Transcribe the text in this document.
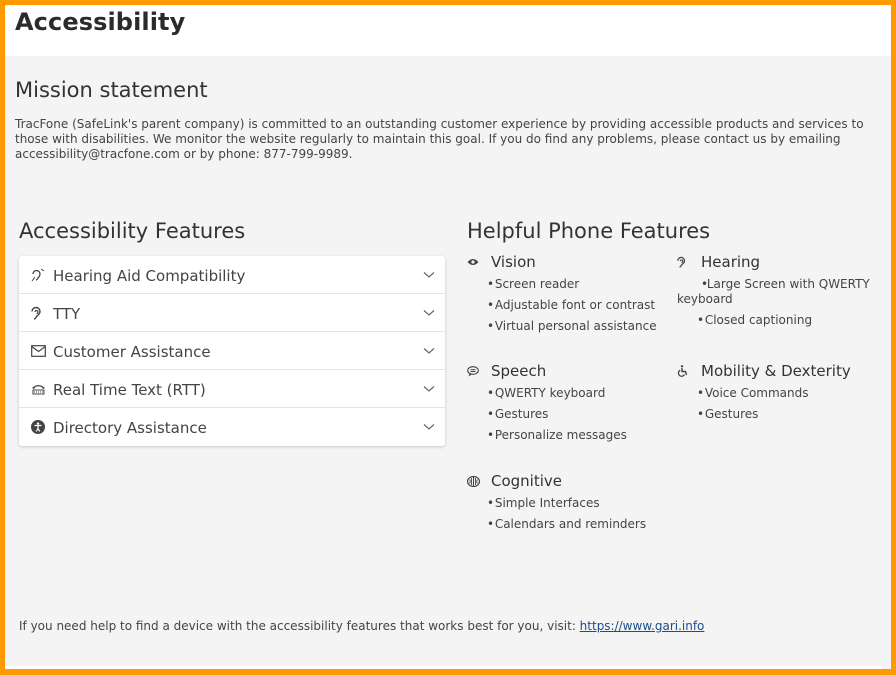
Accessibility
Mission statement

TracFone (SafeLink's parent company) is committed to an outstanding customer experience by providing accessible products and services to those with disabilities. We monitor the website regularly to maintain this goal. If you do find any problems, please contact us by emailing accessibility@tracfone.com or by phone: 877-799-9989.

Accessibility Features
Hearing Aid Compatibility
TTY
Customer Assistance
Real Time Text (RTT)
Directory Assistance
Helpful Phone Features
Vision
• Screen reader
• Adjustable font or contrast
• Virtual personal assistance
Hearing
• Large Screen with QWERTY keyboard
• Closed captioning
Speech
• QWERTY keyboard
• Gestures
• Personalize messages
Mobility & Dexterity
• Voice Commands
• Gestures
Cognitive
• Simple Interfaces
• Calendars and reminders

If you need help to find a device with the accessibility features that works best for you, visit: https://www.gari.info
